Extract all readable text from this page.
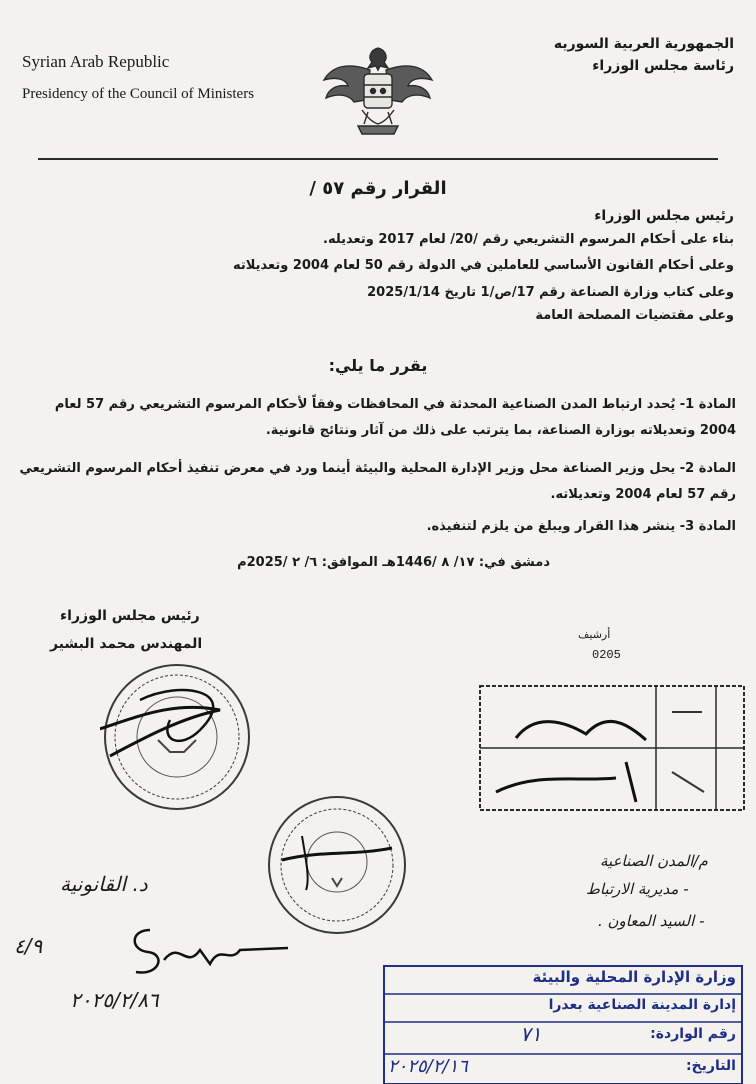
Syrian Arab Republic
Presidency of the Council of Ministers
الجمهورية العربية السوريه
رئاسة مجلس الوزراء
القرار رقم ٥٧ /
رئيس مجلس الوزراء
بناء على أحكام المرسوم التشريعي رقم /20/ لعام 2017 وتعديله.
وعلى أحكام القانون الأساسي للعاملين في الدولة رقم 50 لعام 2004 وتعديلاته
وعلى كتاب وزارة الصناعة رقم 17/ص/1 تاريخ 2025/1/14
وعلى مقتضيات المصلحة العامة
يقرر ما يلي:
المادة 1- يُحدد ارتباط المدن الصناعية المحدثة في المحافظات وفقاً لأحكام المرسوم التشريعي رقم 57 لعام 2004 وتعديلاته بوزارة الصناعة، بما يترتب على ذلك من آثار ونتائج قانونية.
المادة 2- يحل وزير الصناعة محل وزير الإدارة المحلية والبيئة أينما ورد في معرض تنفيذ أحكام المرسوم التشريعي رقم 57 لعام 2004 وتعديلاته.
المادة 3- ينشر هذا القرار ويبلغ من يلزم لتنفيذه.
دمشق في: ١٧/ ٨ /1446هـ الموافق: ٦/ ٢ /2025م
رئيس مجلس الوزراء
المهندس محمد البشير
أرشيف
0205
م/المدن الصناعية
- مديرية الارتباط
- السيد المعاون .
د. القانونية
٤/٩
٢٠٢٥/٢/٨٦
وزارة الإدارة المحلية والبيئة
إدارة المدينة الصناعية بعدرا
رقم الواردة:
٧١
التاريخ:
٢٠٢٥/٢/١٦
